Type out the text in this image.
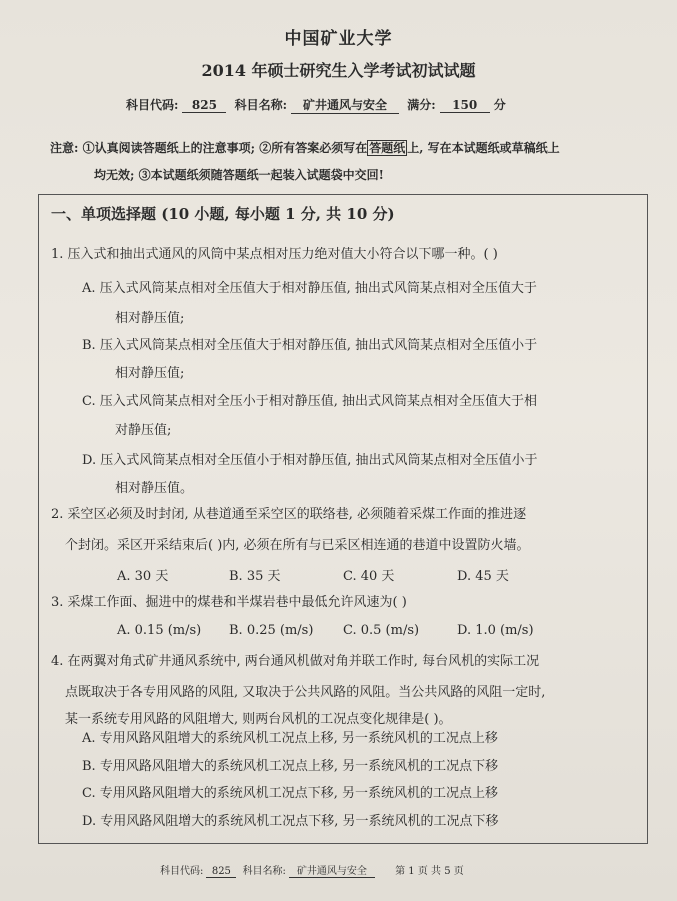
中国矿业大学
2014 年硕士研究生入学考试初试试题
科目代码: 825 科目名称: 矿井通风与安全 满分: 150 分
注意: ①认真阅读答题纸上的注意事项; ②所有答案必须写在 答题纸 上, 写在本试题纸或草稿纸上
均无效; ③本试题纸须随答题纸一起装入试题袋中交回!
一、单项选择题 (10 小题, 每小题 1 分, 共 10 分)
1. 压入式和抽出式通风的风筒中某点相对压力绝对值大小符合以下哪一种。( )
A. 压入式风筒某点相对全压值大于相对静压值, 抽出式风筒某点相对全压值大于
相对静压值;
B. 压入式风筒某点相对全压值大于相对静压值, 抽出式风筒某点相对全压值小于
相对静压值;
C. 压入式风筒某点相对全压小于相对静压值, 抽出式风筒某点相对全压值大于相
对静压值;
D. 压入式风筒某点相对全压值小于相对静压值, 抽出式风筒某点相对全压值小于
相对静压值。
2. 采空区必须及时封闭, 从巷道通至采空区的联络巷, 必须随着采煤工作面的推进逐
个封闭。采区开采结束后( )内, 必须在所有与已采区相连通的巷道中设置防火墙。
A. 30 天	B. 35 天	C. 40 天	D. 45 天
3. 采煤工作面、掘进中的煤巷和半煤岩巷中最低允许风速为( )
A. 0.15 (m/s) B. 0.25 (m/s) C. 0.5 (m/s)	D. 1.0 (m/s)
4. 在两翼对角式矿井通风系统中, 两台通风机做对角并联工作时, 每台风机的实际工况
点既取决于各专用风路的风阻, 又取决于公共风路的风阻。当公共风路的风阻一定时,
某一系统专用风路的风阻增大, 则两台风机的工况点变化规律是( )。
A. 专用风路风阻增大的系统风机工况点上移, 另一系统风机的工况点上移
B. 专用风路风阻增大的系统风机工况点上移, 另一系统风机的工况点下移
C. 专用风路风阻增大的系统风机工况点下移, 另一系统风机的工况点上移
D. 专用风路风阻增大的系统风机工况点下移, 另一系统风机的工况点下移
科目代码: 825 科目名称: 矿井通风与安全	第 1 页 共 5 页
